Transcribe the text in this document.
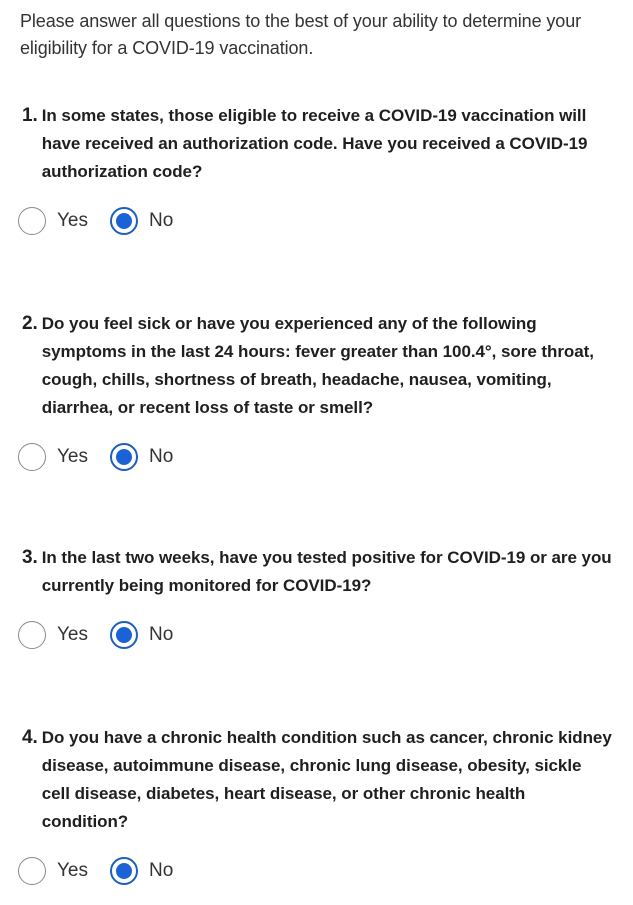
Please answer all questions to the best of your ability to determine your eligibility for a COVID-19 vaccination.
1. In some states, those eligible to receive a COVID-19 vaccination will have received an authorization code. Have you received a COVID-19 authorization code?
Yes	No
2. Do you feel sick or have you experienced any of the following symptoms in the last 24 hours: fever greater than 100.4°, sore throat, cough, chills, shortness of breath, headache, nausea, vomiting, diarrhea, or recent loss of taste or smell?
Yes	No
3. In the last two weeks, have you tested positive for COVID-19 or are you currently being monitored for COVID-19?
Yes	No
4. Do you have a chronic health condition such as cancer, chronic kidney disease, autoimmune disease, chronic lung disease, obesity, sickle cell disease, diabetes, heart disease, or other chronic health condition?
Yes	No
